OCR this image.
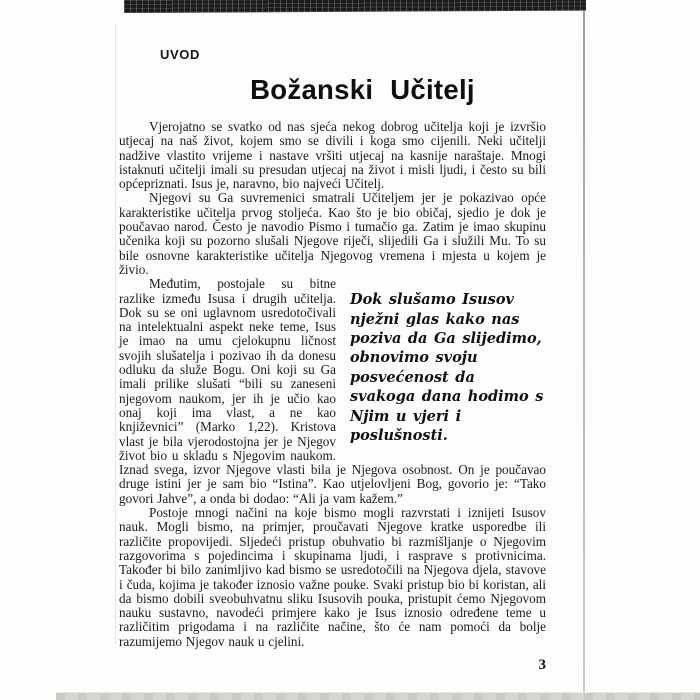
UVOD
Božanski Učitelj

Vjerojatno se svatko od nas sjeća nekog dobrog učitelja koji je izvršio utjecaj na naš život, kojem smo se divili i koga smo cijenili. Neki učitelji nadžive vlastito vrijeme i nastave vršiti utjecaj na kasnije naraštaje. Mnogi istaknuti učitelji imali su presudan utjecaj na život i misli ljudi, i često su bili općepriznati. Isus je, naravno, bio najveći Učitelj.

Njegovi su Ga suvremenici smatrali Učiteljem jer je pokazivao opće karakteristike učitelja prvog stoljeća. Kao što je bio običaj, sjedio je dok je poučavao narod. Često je navodio Pismo i tumačio ga. Zatim je imao skupinu učenika koji su pozorno slušali Njegove riječi, slijedili Ga i služili Mu. To su bile osnovne karakteristike učitelja Njegovog vremena i mjesta u kojem je živio.

Dok slušamo Isusov nježni glas kako nas poziva da Ga slijedimo, obnovimo svoju posvećenost da svakoga dana hodimo s Njim u vjeri i poslušnosti.
Međutim, postojale su bitne razlike između Isusa i drugih učitelja. Dok su se oni uglavnom usredotočivali na intelektualni aspekt neke teme, Isus je imao na umu cjelokupnu ličnost svojih slušatelja i pozivao ih da donesu odluku da služe Bogu. Oni koji su Ga imali prilike slušati “bili su zaneseni njegovom naukom, jer ih je učio kao onaj koji ima vlast, a ne kao književnici” (Marko 1,22). Kristova vlast je bila vjerodostojna jer je Njegov život bio u skladu s Njegovim naukom. Iznad svega, izvor Njegove vlasti bila je Njegova osobnost. On je poučavao druge istini jer je sam bio “Istina”. Kao utjelovljeni Bog, govorio je: “Tako govori Jahve”, a onda bi dodao: “Ali ja vam kažem.”

Postoje mnogi načini na koje bismo mogli razvrstati i iznijeti Isusov nauk. Mogli bismo, na primjer, proučavati Njegove kratke usporedbe ili različite propovijedi. Sljedeći pristup obuhvatio bi razmišljanje o Njegovim razgovorima s pojedincima i skupinama ljudi, i rasprave s protivnicima. Također bi bilo zanimljivo kad bismo se usredotočili na Njegova djela, stavove i čuda, kojima je također iznosio važne pouke. Svaki pristup bio bi koristan, ali da bismo dobili sveobuhvatnu sliku Isusovih pouka, pristupit ćemo Njegovom nauku sustavno, navodeći primjere kako je Isus iznosio određene teme u različitim prigodama i na različite načine, što će nam pomoći da bolje razumijemo Njegov nauk u cjelini.

3
